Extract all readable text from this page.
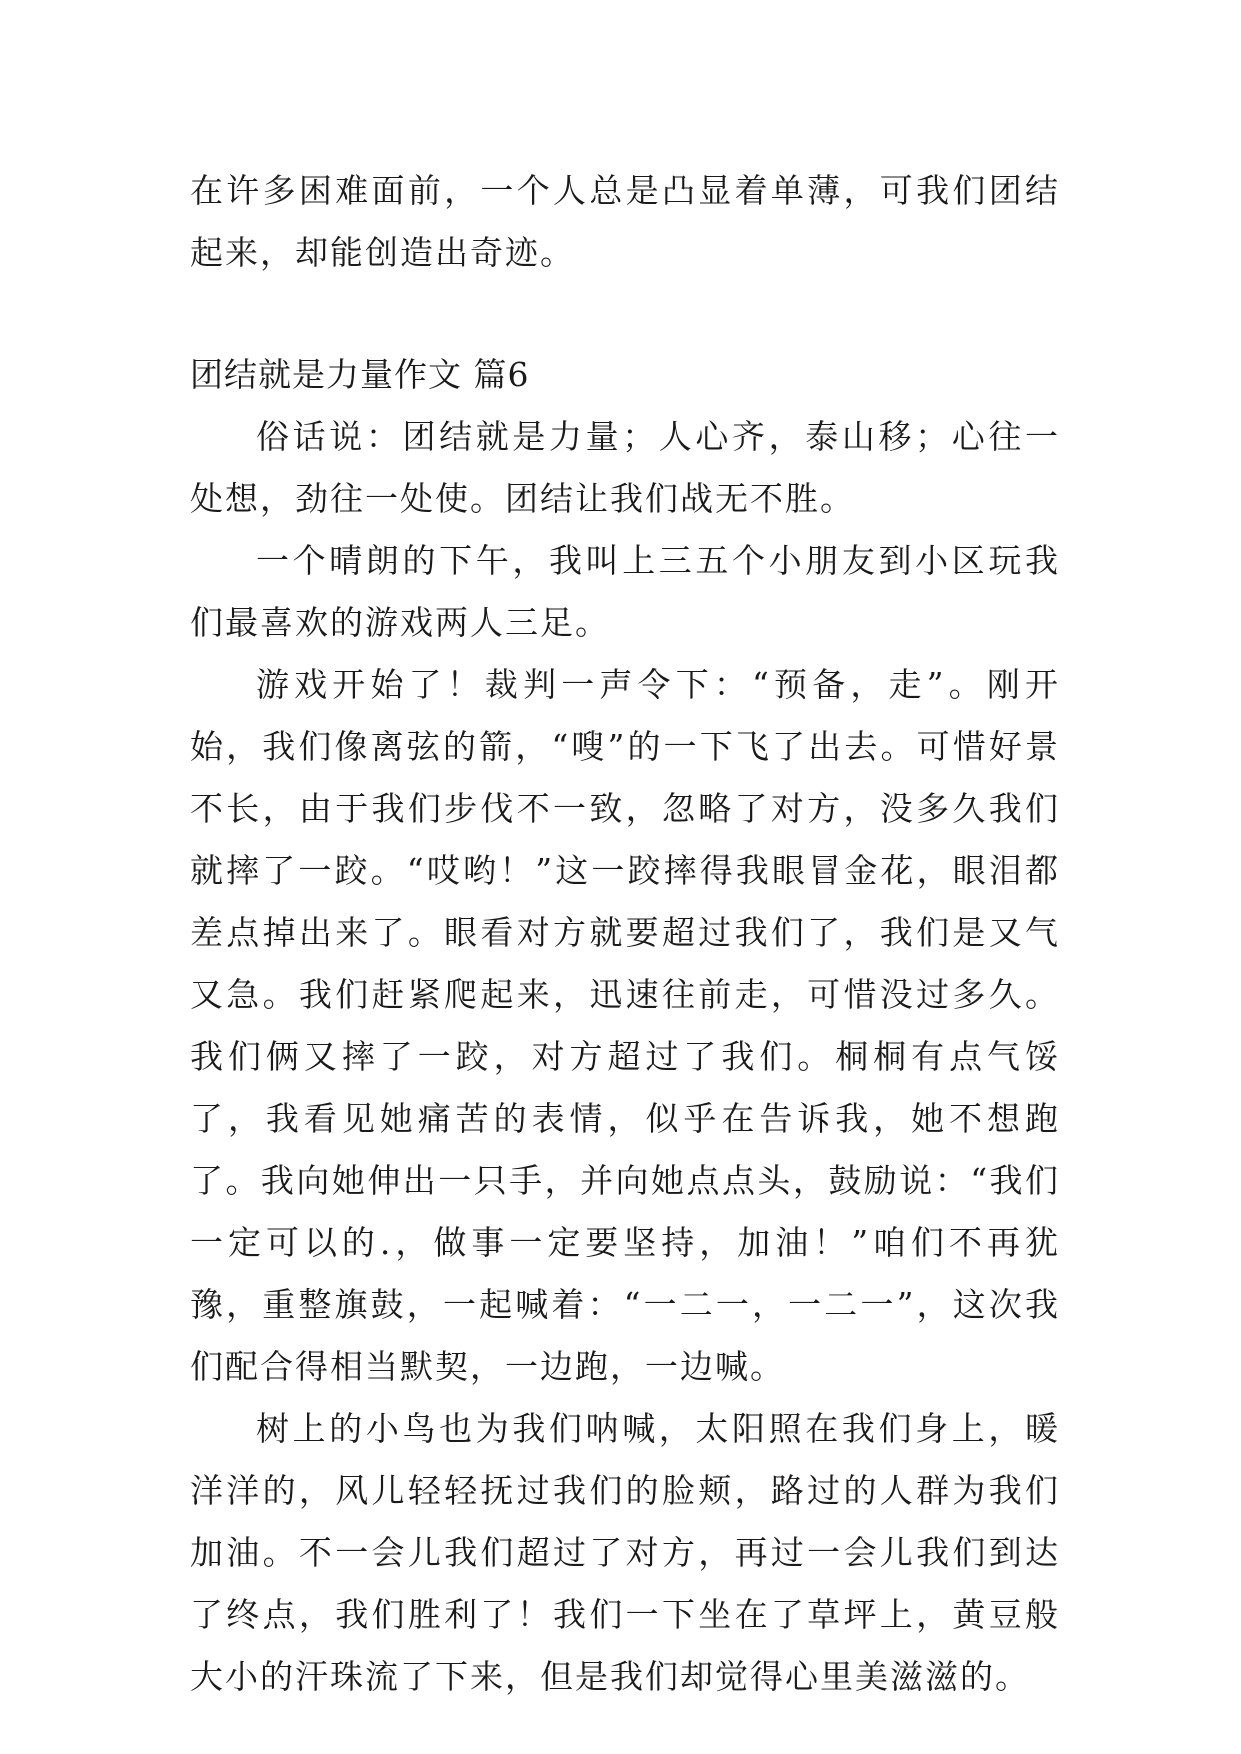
在许多困难面前，一个人总是凸显着单薄，可我们团结起来，却能创造出奇迹。

团结就是力量作文 篇6

俗话说：团结就是力量；人心齐，泰山移；心往一处想，劲往一处使。团结让我们战无不胜。

一个晴朗的下午，我叫上三五个小朋友到小区玩我们最喜欢的游戏两人三足。

游戏开始了！裁判一声令下：“预备，走”。刚开始，我们像离弦的箭，“嗖”的一下飞了出去。可惜好景不长，由于我们步伐不一致，忽略了对方，没多久我们就摔了一跤。“哎哟！”这一跤摔得我眼冒金花，眼泪都差点掉出来了。眼看对方就要超过我们了，我们是又气又急。我们赶紧爬起来，迅速往前走，可惜没过多久。我们俩又摔了一跤，对方超过了我们。桐桐有点气馁了，我看见她痛苦的表情，似乎在告诉我，她不想跑了。我向她伸出一只手，并向她点点头，鼓励说：“我们一定可以的.，做事一定要坚持，加油！”咱们不再犹豫，重整旗鼓，一起喊着：“一二一，一二一”，这次我们配合得相当默契，一边跑，一边喊。

树上的小鸟也为我们呐喊，太阳照在我们身上，暖洋洋的，风儿轻轻抚过我们的脸颊，路过的人群为我们加油。不一会儿我们超过了对方，再过一会儿我们到达了终点，我们胜利了！我们一下坐在了草坪上，黄豆般大小的汗珠流了下来，但是我们却觉得心里美滋滋的。
